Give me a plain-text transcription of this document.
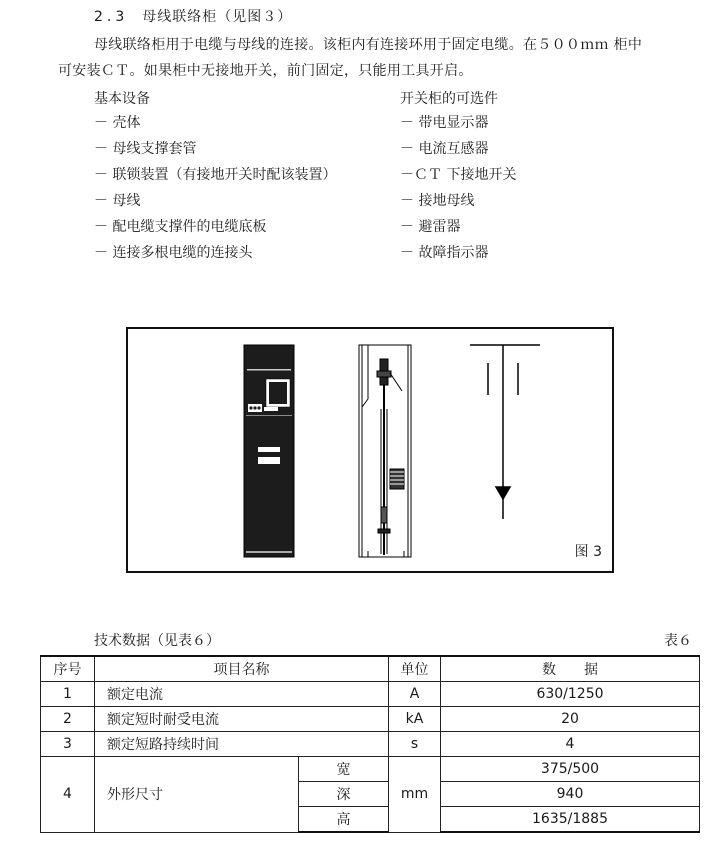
2.3 母线联络柜（见图３）
母线联络柜用于电缆与母线的连接。该柜内有连接环用于固定电缆。在５００ｍｍ 柜中
可安装ＣＴ。如果柜中无接地开关，前门固定，只能用工具开启。
基本设备	开关柜的可选件
－ 壳体
－ 母线支撑套管
－ 联锁装置（有接地开关时配该装置）
－ 母线
－ 配电缆支撑件的电缆底板
－ 连接多根电缆的连接头
－ 带电显示器
－ 电流互感器
－ＣＴ 下接地开关
－ 接地母线
－ 避雷器
－ 故障指示器
图 3
技术数据（见表６）	表６
序号	项目名称		单位	数　　据
1	额定电流		A	630/1250
2	额定短时耐受电流		kA	20
3	额定短路持续时间		s	4
4	外形尺寸	宽	mm	375/500
		深		940
		高		1635/1885
